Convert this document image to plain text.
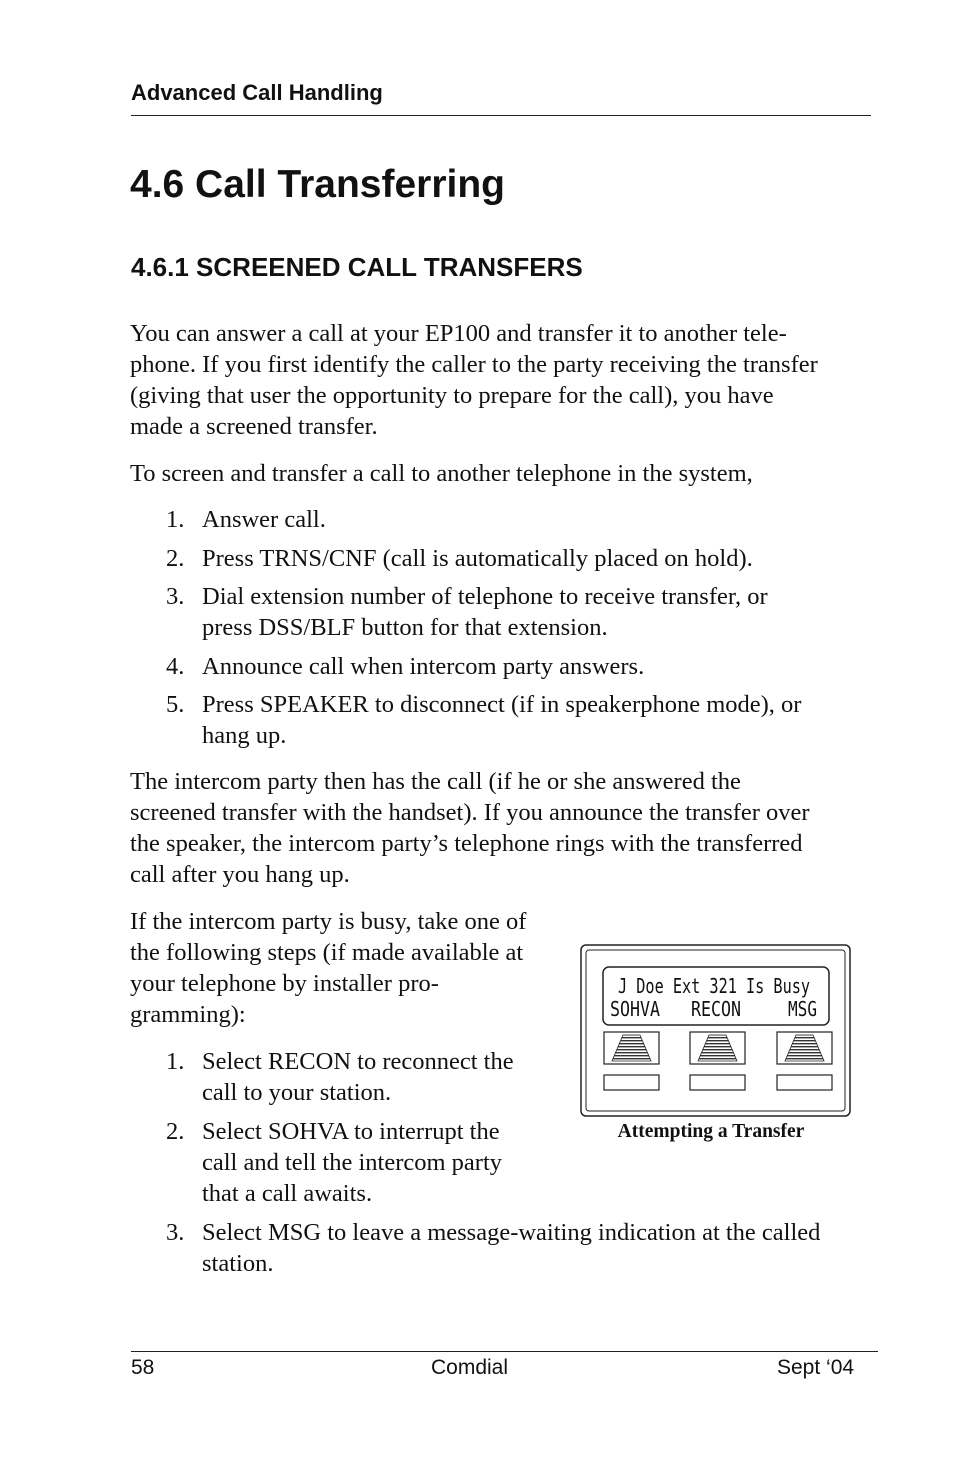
Advanced Call Handling
4.6 Call Transferring
4.6.1 SCREENED CALL TRANSFERS
You can answer a call at your EP100 and transfer it to another tele-
phone. If you first identify the caller to the party receiving the transfer
(giving that user the opportunity to prepare for the call), you have
made a screened transfer.
To screen and transfer a call to another telephone in the system,
1. Answer call.
2. Press TRNS/CNF (call is automatically placed on hold).
3. Dial extension number of telephone to receive transfer, or
press DSS/BLF button for that extension.
4. Announce call when intercom party answers.
5. Press SPEAKER to disconnect (if in speakerphone mode), or
hang up.
The intercom party then has the call (if he or she answered the
screened transfer with the handset). If you announce the transfer over
the speaker, the intercom party’s telephone rings with the transferred
call after you hang up.
If the intercom party is busy, take one of
the following steps (if made available at
your telephone by installer pro-
gramming):
1. Select RECON to reconnect the
call to your station.
2. Select SOHVA to interrupt the
call and tell the intercom party
that a call awaits.
3. Select MSG to leave a message-waiting indication at the called
station.
J Doe Ext 321 Is Busy
SOHVA RECON MSG
Attempting a Transfer
58	Comdial	Sept ‘04
